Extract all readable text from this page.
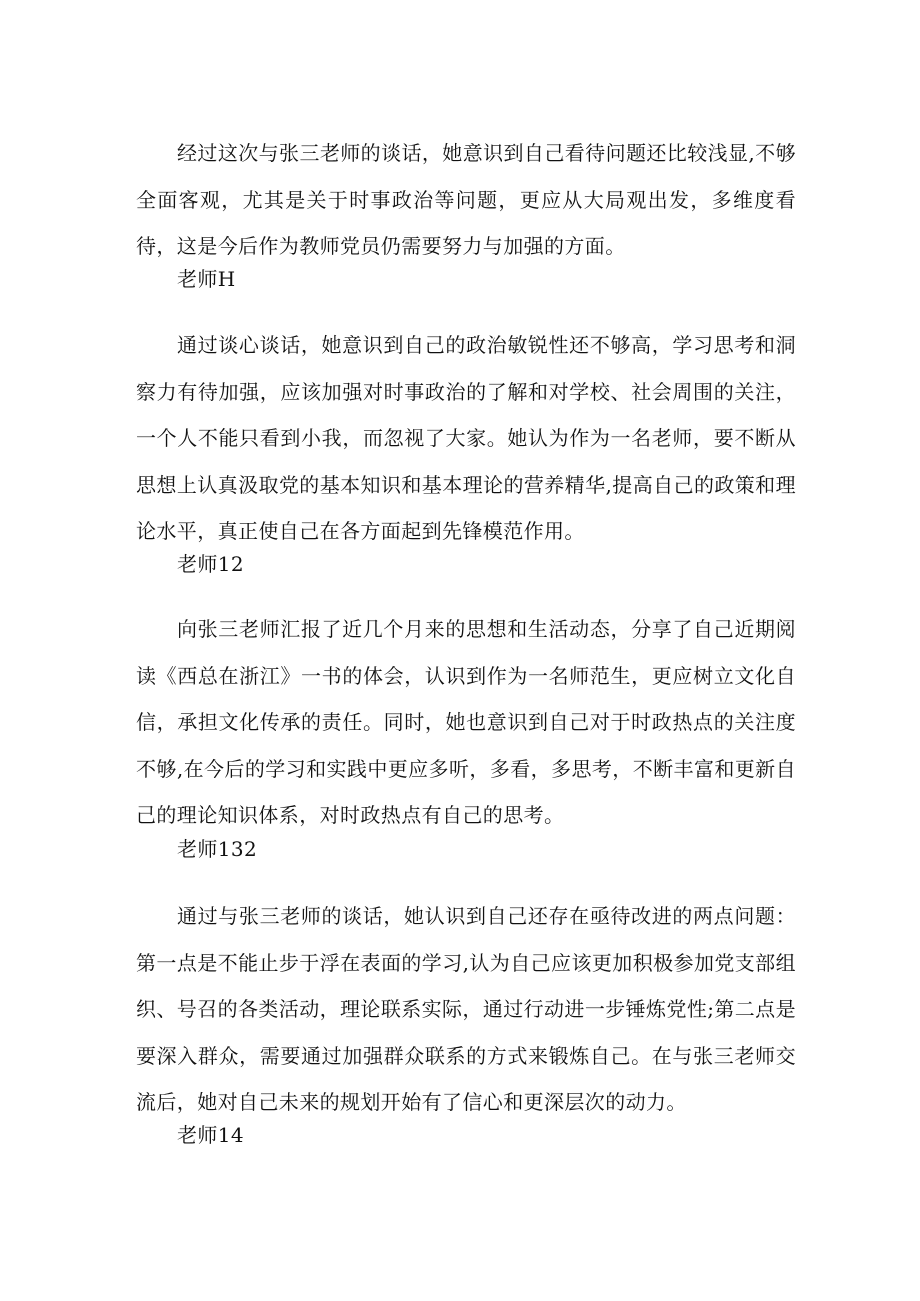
经过这次与张三老师的谈话，她意识到自己看待问题还比较浅显,不够全面客观，尤其是关于时事政治等问题，更应从大局观出发，多维度看待，这是今后作为教师党员仍需要努力与加强的方面。

老师H

通过谈心谈话，她意识到自己的政治敏锐性还不够高，学习思考和洞察力有待加强，应该加强对时事政治的了解和对学校、社会周围的关注，一个人不能只看到小我，而忽视了大家。她认为作为一名老师，要不断从思想上认真汲取党的基本知识和基本理论的营养精华,提高自己的政策和理论水平，真正使自己在各方面起到先锋模范作用。

老师12

向张三老师汇报了近几个月来的思想和生活动态，分享了自己近期阅读《西总在浙江》一书的体会，认识到作为一名师范生，更应树立文化自信，承担文化传承的责任。同时，她也意识到自己对于时政热点的关注度不够,在今后的学习和实践中更应多听，多看，多思考，不断丰富和更新自己的理论知识体系，对时政热点有自己的思考。

老师132

通过与张三老师的谈话，她认识到自己还存在亟待改进的两点问题：第一点是不能止步于浮在表面的学习,认为自己应该更加积极参加党支部组织、号召的各类活动，理论联系实际，通过行动进一步锤炼党性;第二点是要深入群众，需要通过加强群众联系的方式来锻炼自己。在与张三老师交流后，她对自己未来的规划开始有了信心和更深层次的动力。

老师14
